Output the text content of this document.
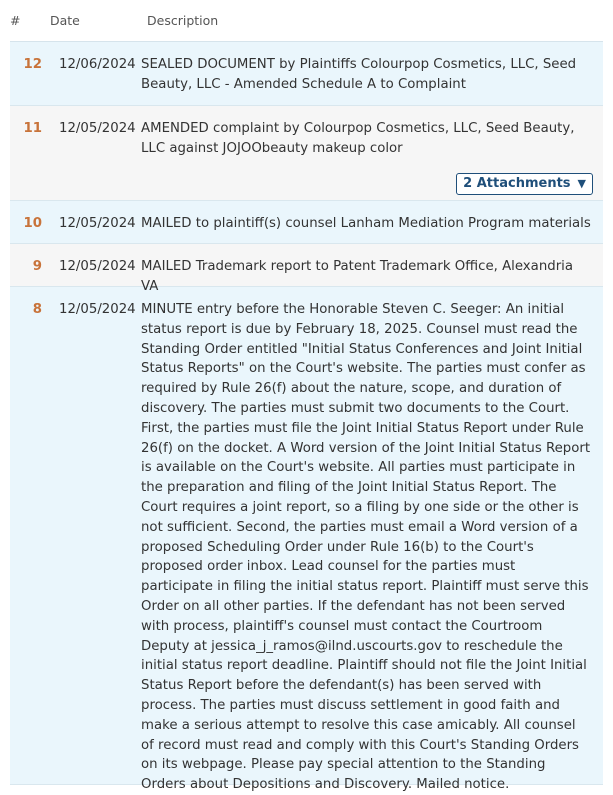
#	Date	Description
12	12/06/2024 SEALED DOCUMENT by Plaintiffs Colourpop Cosmetics, LLC, Seed Beauty, LLC - Amended Schedule A to Complaint
11	12/05/2024 AMENDED complaint by Colourpop Cosmetics, LLC, Seed Beauty, LLC against JOJOObeauty makeup color
2 Attachments ▼
10	12/05/2024 MAILED to plaintiff(s) counsel Lanham Mediation Program materials
9	12/05/2024 MAILED Trademark report to Patent Trademark Office, Alexandria VA
8	12/05/2024 MINUTE entry before the Honorable Steven C. Seeger: An initial status report is due by February 18, 2025. Counsel must read the Standing Order entitled "Initial Status Conferences and Joint Initial Status Reports" on the Court's website. The parties must confer as required by Rule 26(f) about the nature, scope, and duration of discovery. The parties must submit two documents to the Court. First, the parties must file the Joint Initial Status Report under Rule 26(f) on the docket. A Word version of the Joint Initial Status Report is available on the Court's website. All parties must participate in the preparation and filing of the Joint Initial Status Report. The Court requires a joint report, so a filing by one side or the other is not sufficient. Second, the parties must email a Word version of a proposed Scheduling Order under Rule 16(b) to the Court's proposed order inbox. Lead counsel for the parties must participate in filing the initial status report. Plaintiff must serve this Order on all other parties. If the defendant has not been served with process, plaintiff's counsel must contact the Courtroom Deputy at jessica_j_ramos@ilnd.uscourts.gov to reschedule the initial status report deadline. Plaintiff should not file the Joint Initial Status Report before the defendant(s) has been served with process. The parties must discuss settlement in good faith and make a serious attempt to resolve this case amicably. All counsel of record must read and comply with this Court's Standing Orders on its webpage. Please pay special attention to the Standing Orders about Depositions and Discovery. Mailed notice.
